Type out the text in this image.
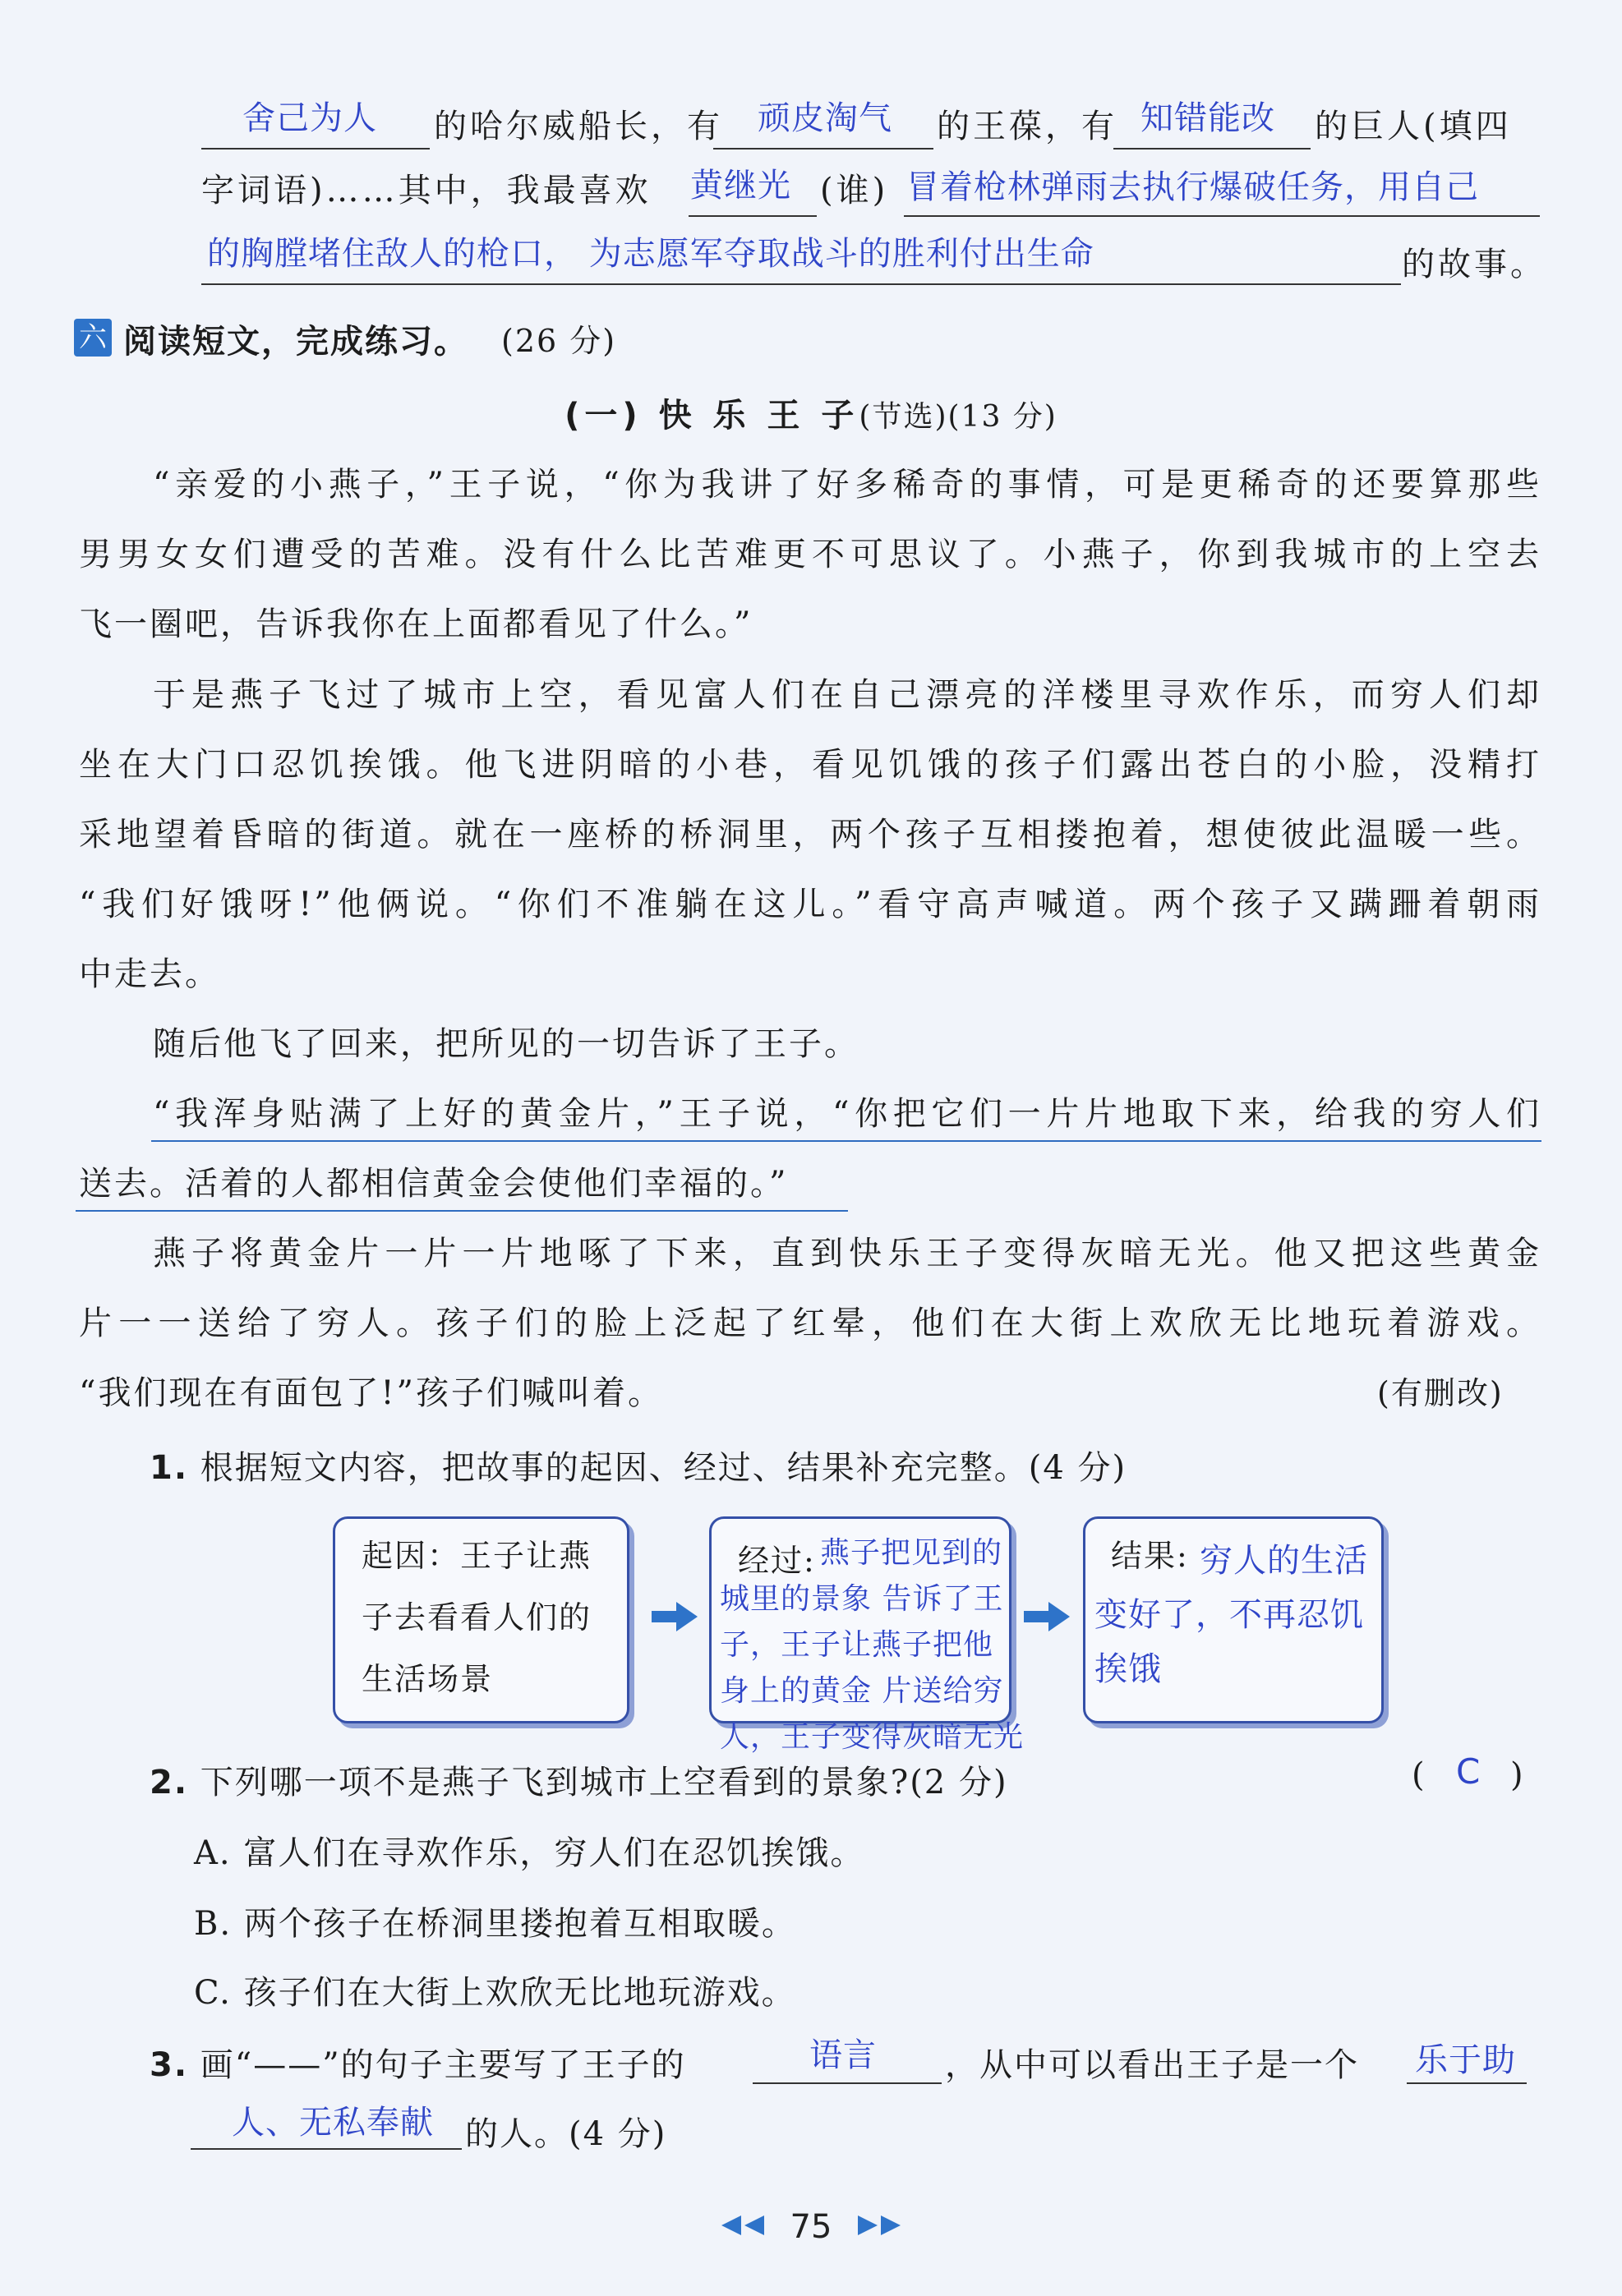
舍己为人 的哈尔威船长，有 顽皮淘气 的王葆，有 知错能改 的巨人(填四
字词语)……其中，我最喜欢 黄继光 (谁) 冒着枪林弹雨去执行爆破任务，用自己
的胸膛堵住敌人的枪口， 为志愿军夺取战斗的胜利付出生命	的故事。
六 阅读短文，完成练习。 (26 分)
(一) 快 乐 王 子(节选)(13 分)
“亲爱的小燕子，”王子说，“你为我讲了好多稀奇的事情，可是更稀奇的还要算那些
男男女女们遭受的苦难。没有什么比苦难更不可思议了。小燕子，你到我城市的上空去
飞一圈吧，告诉我你在上面都看见了什么。”
于是燕子飞过了城市上空，看见富人们在自己漂亮的洋楼里寻欢作乐，而穷人们却
坐在大门口忍饥挨饿。他飞进阴暗的小巷，看见饥饿的孩子们露出苍白的小脸，没精打
采地望着昏暗的街道。就在一座桥的桥洞里，两个孩子互相搂抱着，想使彼此温暖一些。
“我们好饿呀!”他俩说。“你们不准躺在这儿。”看守高声喊道。两个孩子又蹒跚着朝雨
中走去。
随后他飞了回来，把所见的一切告诉了王子。
“我浑身贴满了上好的黄金片，”王子说，“你把它们一片片地取下来，给我的穷人们
送去。活着的人都相信黄金会使他们幸福的。”
燕子将黄金片一片一片地啄了下来，直到快乐王子变得灰暗无光。他又把这些黄金
片一一送给了穷人。孩子们的脸上泛起了红晕，他们在大街上欢欣无比地玩着游戏。
“我们现在有面包了!”孩子们喊叫着。	(有删改)
1. 根据短文内容，把故事的起因、经过、结果补充完整。(4 分)
起因：王子让燕
子去看看人们的
生活场景
经过: 燕子把见到的
城里的景象 告诉了王
子，王子让燕子把他
身上的黄金 片送给穷
人，王子变得灰暗无光
结果: 穷人的生活
变好了，不再忍饥
挨饿
2. 下列哪一项不是燕子飞到城市上空看到的景象?(2 分)	( C )
A. 富人们在寻欢作乐，穷人们在忍饥挨饿。
B. 两个孩子在桥洞里搂抱着互相取暖。
C. 孩子们在大街上欢欣无比地玩游戏。
3. 画“——”的句子主要写了王子的	语言 ，从中可以看出王子是一个 乐于助
人、无私奉献 的人。(4 分)
75
